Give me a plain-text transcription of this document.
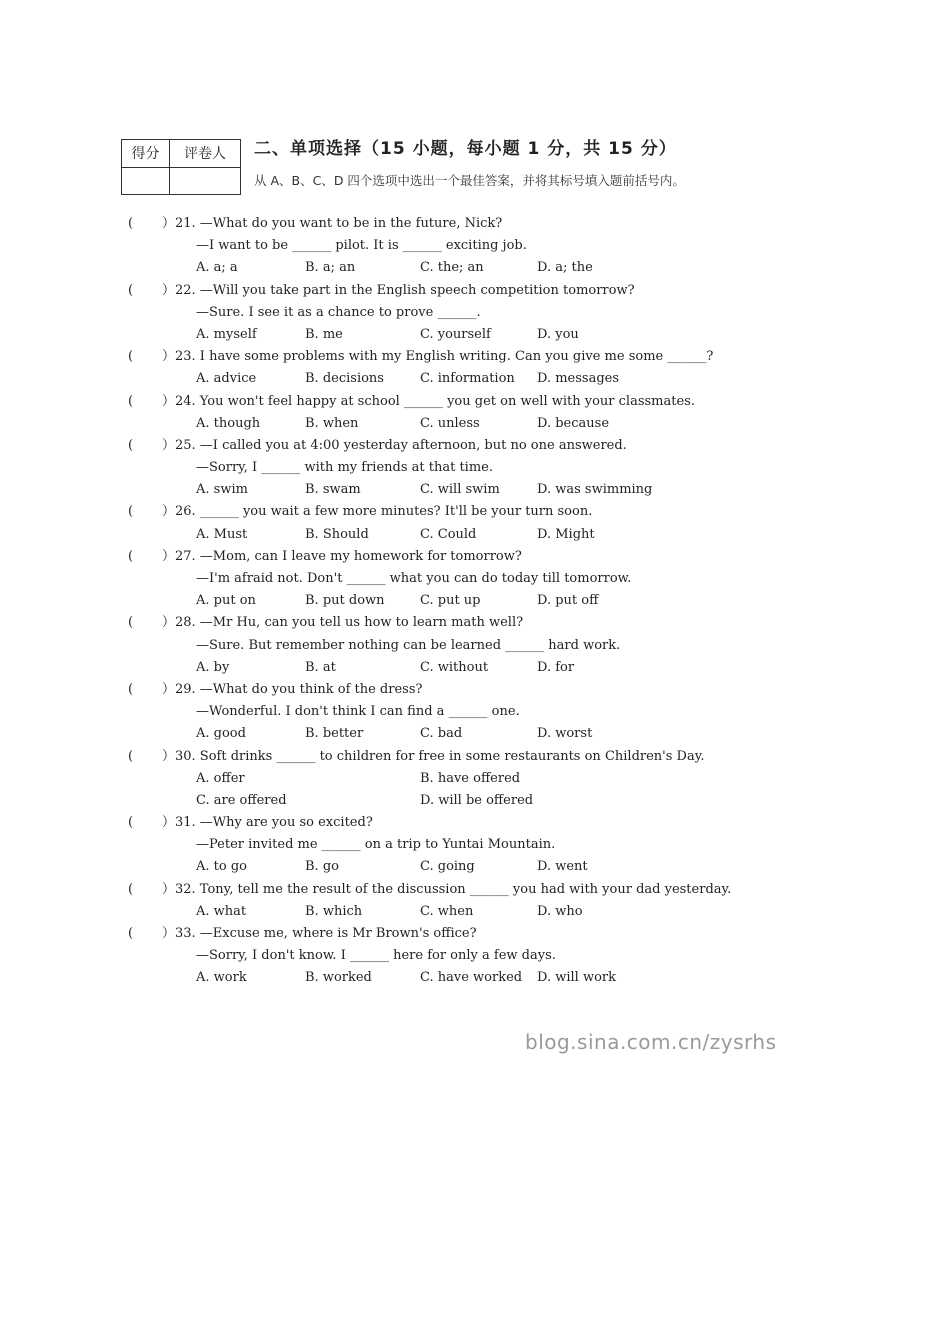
得分	评卷人
	二、单项选择（15 小题，每小题 1 分，共 15 分）
从 A、B、C、D 四个选项中选出一个最佳答案，并将其标号填入题前括号内。
( ）21. —What do you want to be in the future, Nick?
—I want to be ______ pilot. It is ______ exciting job.
A. a; a	B. a; an	C. the; an	D. a; the
( ）22. —Will you take part in the English speech competition tomorrow?
—Sure. I see it as a chance to prove ______.
A. myself	B. me	C. yourself	D. you
( ）23. I have some problems with my English writing. Can you give me some ______?
A. advice	B. decisions	C. information D. messages
( ）24. You won't feel happy at school ______ you get on well with your classmates.
A. though	B. when	C. unless	D. because
( ）25. —I called you at 4:00 yesterday afternoon, but no one answered.
—Sorry, I ______ with my friends at that time.
A. swim	B. swam	C. will swim	D. was swimming
( ）26. ______ you wait a few more minutes? It'll be your turn soon.
A. Must	B. Should	C. Could	D. Might
( ）27. —Mom, can I leave my homework for tomorrow?
—I'm afraid not. Don't ______ what you can do today till tomorrow.
A. put on	B. put down	C. put up	D. put off
( ）28. —Mr Hu, can you tell us how to learn math well?
—Sure. But remember nothing can be learned ______ hard work.
A. by	B. at	C. without	D. for
( ）29. —What do you think of the dress?
—Wonderful. I don't think I can find a ______ one.
A. good	B. better	C. bad	D. worst
( ）30. Soft drinks ______ to children for free in some restaurants on Children's Day.
A. offer	B. have offered
C. are offered	D. will be offered
( ）31. —Why are you so excited?
—Peter invited me ______ on a trip to Yuntai Mountain.
A. to go	B. go	C. going	D. went
( ）32. Tony, tell me the result of the discussion ______ you had with your dad yesterday.
A. what	B. which	C. when	D. who
( ）33. —Excuse me, where is Mr Brown's office?
—Sorry, I don't know. I ______ here for only a few days.
A. work	B. worked	C. have worked D. will work
blog.sina.com.cn/zysrhs
